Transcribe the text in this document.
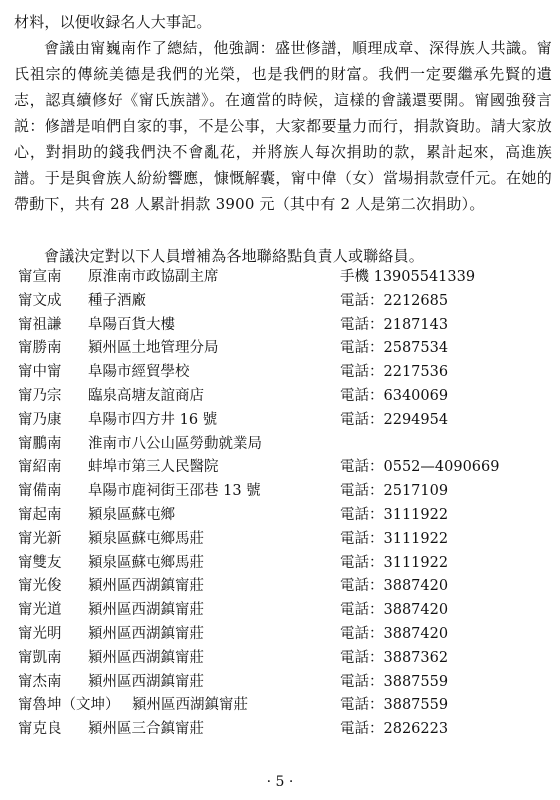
材料，以便收録名人大事記。

會議由甯巍南作了總結，他強調：盛世修譜，順理成章、深得族人共識。甯氏祖宗的傳統美德是我們的光榮，也是我們的財富。我們一定要繼承先賢的遺志，認真續修好《甯氏族譜》。在適當的時候，這樣的會議還要開。甯國強發言説：修譜是咱們自家的事，不是公事，大家都要量力而行，捐款資助。請大家放心，對捐助的錢我們決不會亂花，并將族人每次捐助的款，累計起來，高進族譜。于是與會族人紛紛響應，慷慨解囊，甯中偉（女）當場捐款壹仟元。在她的帶動下，共有 28 人累計捐款 3900 元（其中有 2 人是第二次捐助）。

會議決定對以下人員增補為各地聯絡點負責人或聯絡員。

甯宣南 原淮南市政協副主席	手機 13905541339
甯文成 種子酒廠	電話：2212685
甯祖謙 阜陽百貨大樓	電話：2187143
甯勝南 潁州區土地管理分局	電話：2587534
甯中甯 阜陽市經貿學校	電話：2217536
甯乃宗 臨泉高塘友誼商店	電話：6340069
甯乃康 阜陽市四方井 16 號	電話：2294954
甯鵬南 淮南市八公山區勞動就業局
甯紹南 蚌埠市第三人民醫院	電話：0552—4090669
甯備南 阜陽市鹿祠街王邵巷 13 號	電話：2517109
甯起南 潁泉區蘇屯鄉	電話：3111922
甯光新 潁泉區蘇屯鄉馬莊	電話：3111922
甯雙友 潁泉區蘇屯鄉馬莊	電話：3111922
甯光俊 潁州區西湖鎮甯莊	電話：3887420
甯光道 潁州區西湖鎮甯莊	電話：3887420
甯光明 潁州區西湖鎮甯莊	電話：3887420
甯凱南 潁州區西湖鎮甯莊	電話：3887362
甯杰南 潁州區西湖鎮甯莊	電話：3887559
甯魯坤（文坤） 潁州區西湖鎮甯莊	電話：3887559
甯克良 潁州區三合鎮甯莊	電話：2826223
· 5 ·
